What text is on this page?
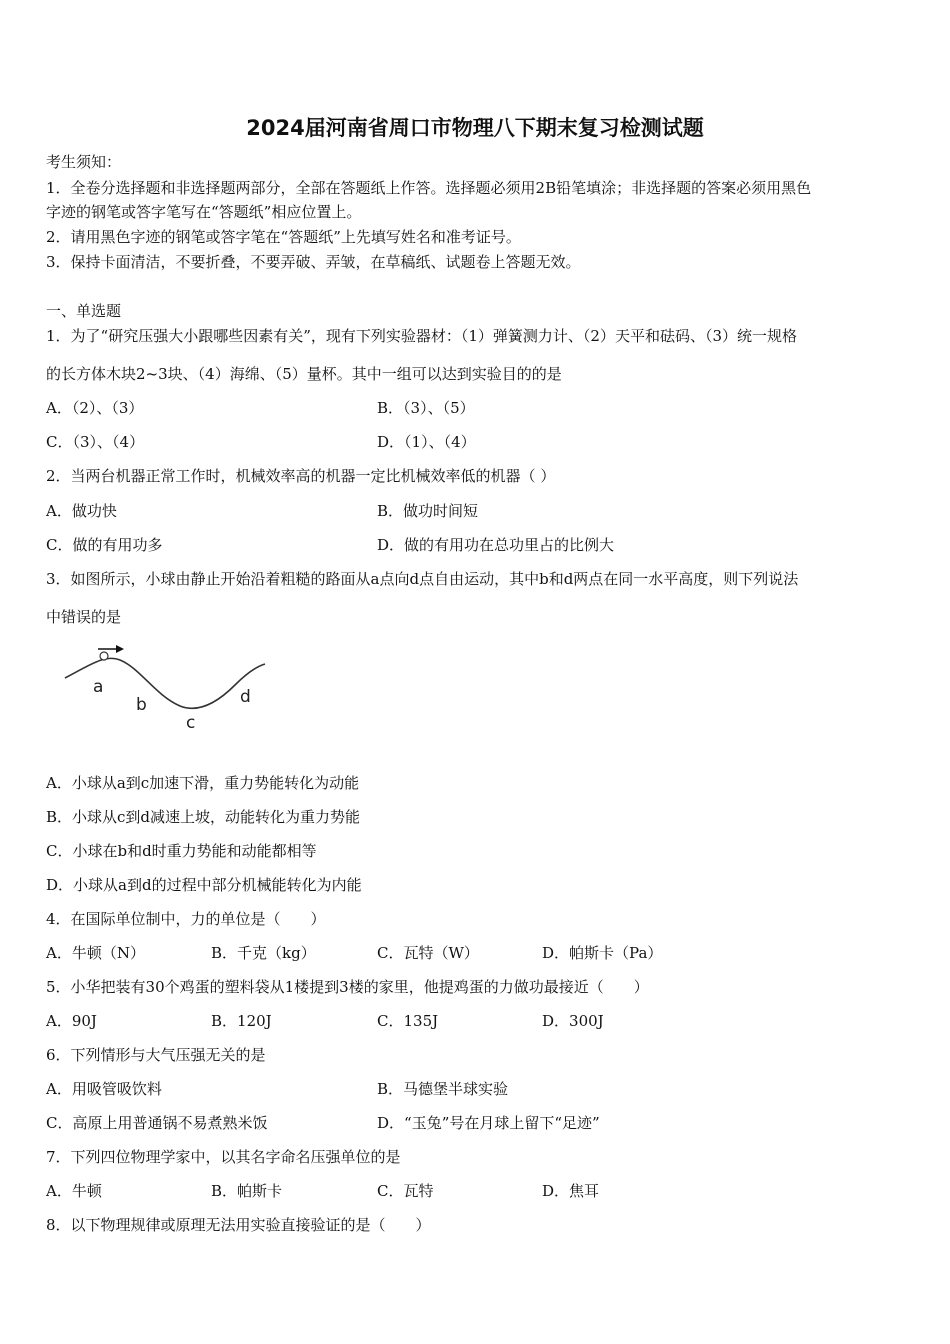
2024届河南省周口市物理八下期末复习检测试题
考生须知：
1．全卷分选择题和非选择题两部分，全部在答题纸上作答。选择题必须用2B铅笔填涂；非选择题的答案必须用黑色
字迹的钢笔或答字笔写在“答题纸”相应位置上。
2．请用黑色字迹的钢笔或答字笔在“答题纸”上先填写姓名和准考证号。
3．保持卡面清洁，不要折叠，不要弄破、弄皱，在草稿纸、试题卷上答题无效。
一、单选题
1．为了“研究压强大小跟哪些因素有关”，现有下列实验器材：（1）弹簧测力计、（2）天平和砝码、（3）统一规格
的长方体木块2~3块、（4）海绵、（5）量杯。其中一组可以达到实验目的的是
A．（2）、（3）	B．（3）、（5）
C．（3）、（4）	D．（1）、（4）
2．当两台机器正常工作时，机械效率高的机器一定比机械效率低的机器（ ）
A．做功快	B．做功时间短
C．做的有用功多	D．做的有用功在总功里占的比例大
3．如图所示，小球由静止开始沿着粗糙的路面从a点向d点自由运动，其中b和d两点在同一水平高度，则下列说法
中错误的是
a
b
c
d
A．小球从a到c加速下滑，重力势能转化为动能
B．小球从c到d减速上坡，动能转化为重力势能
C．小球在b和d时重力势能和动能都相等
D．小球从a到d的过程中部分机械能转化为内能
4．在国际单位制中，力的单位是（　　）
A．牛顿（N）	B．千克（kg）	C．瓦特（W）	D．帕斯卡（Pa）
5．小华把装有30个鸡蛋的塑料袋从1楼提到3楼的家里，他提鸡蛋的力做功最接近（　　）
A．90J	B．120J	C．135J	D．300J
6．下列情形与大气压强无关的是
A．用吸管吸饮料	B．马德堡半球实验
C．高原上用普通锅不易煮熟米饭	D．“玉兔”号在月球上留下“足迹”
7．下列四位物理学家中，以其名字命名压强单位的是
A．牛顿	B．帕斯卡	C．瓦特	D．焦耳
8．以下物理规律或原理无法用实验直接验证的是（　　）
